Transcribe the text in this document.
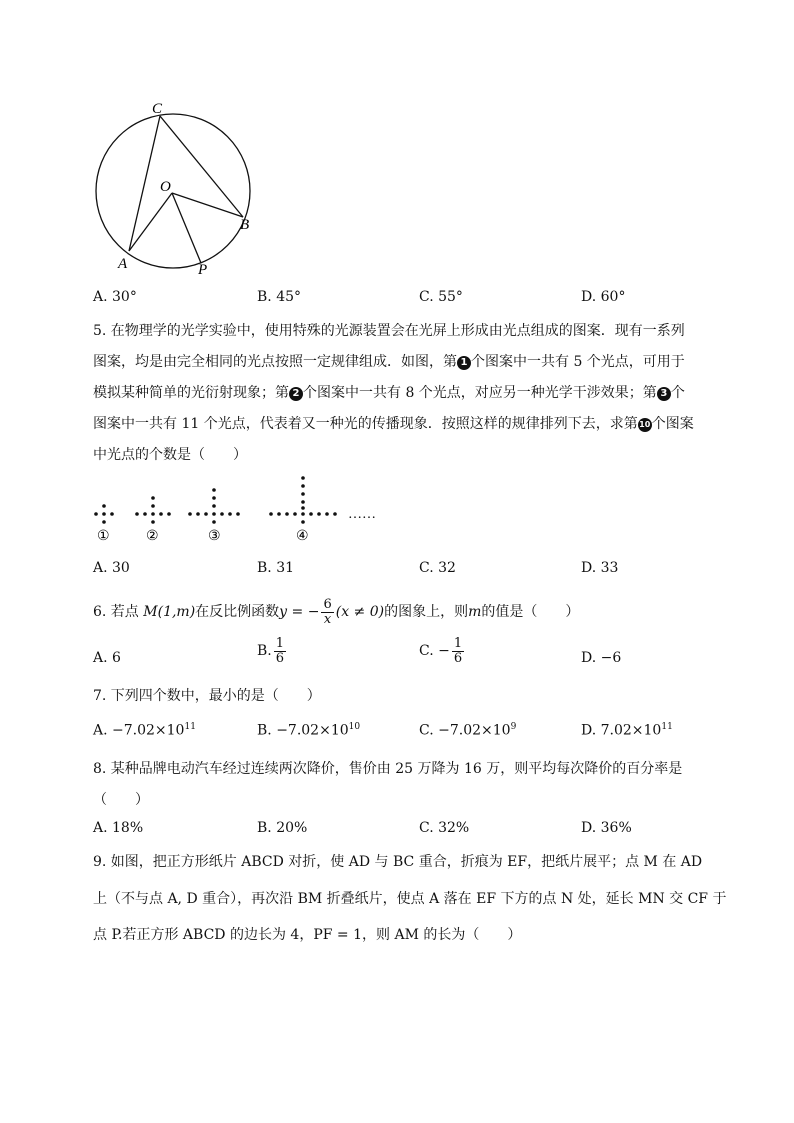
C
O
B
A	P
A. 30°	B. 45°	C. 55°	D. 60°
5. 在物理学的光学实验中，使用特殊的光源装置会在光屏上形成由光点组成的图案．现有一系列
图案，均是由完全相同的光点按照一定规律组成．如图，第 1 个图案中一共有 5 个光点，可用于
模拟某种简单的光衍射现象；第 2 个图案中一共有 8 个光点，对应另一种光学干涉效果；第 3 个
图案中一共有 11 个光点，代表着又一种光的传播现象．按照这样的规律排列下去，求第10个图案
中光点的个数是（　　）
……
①	②	③	④
A. 30	B. 31	C. 32	D. 33
6. 若点 M(1,m)在反比例函数y = − $\frac{6}{x} (x \ne 0)$的图象上，则m的值是（　　）
A. 6	B. $\frac{1}{6}$	C. − $\frac{1}{6}$	D. −6
7. 下列四个数中，最小的是（　　）
A. $-7.02\times 10^{11}$	B. $-7.02\times 10^{10}$	C. $-7.02\times 10^9$	D. $7.02\times 10^{11}$
8. 某种品牌电动汽车经过连续两次降价，售价由 25 万降为 16 万，则平均每次降价的百分率是
（　　）
A. 18%	B. 20%	C. 32%	D. 36%
9. 如图，把正方形纸片 ABCD 对折，使 AD 与 BC 重合，折痕为 EF，把纸片展平；点 M 在 AD
上（不与点 A, D 重合），再次沿 BM 折叠纸片，使点 A 落在 EF 下方的点 N 处，延长 MN 交 CF 于
点 P.若正方形 ABCD 的边长为 4，PF = 1，则 AM 的长为（　　）
